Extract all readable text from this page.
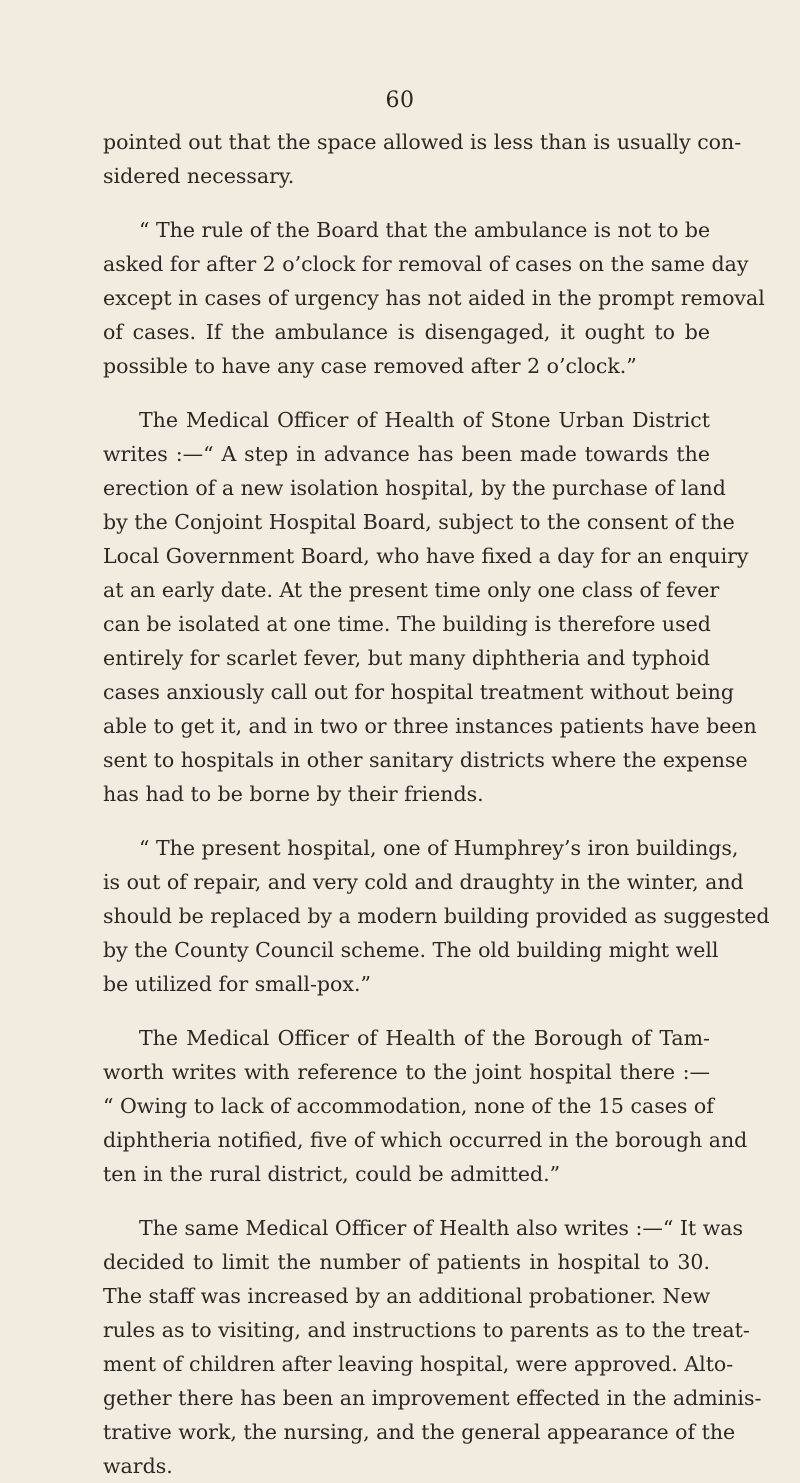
60
pointed out that the space allowed is less than is usually con-
sidered necessary.
“ The rule of the Board that the ambulance is not to be
asked for after 2 o’clock for removal of cases on the same day
except in cases of urgency has not aided in the prompt removal
of cases. If the ambulance is disengaged, it ought to be
possible to have any case removed after 2 o’clock.”
The Medical Officer of Health of Stone Urban District
writes :—“ A step in advance has been made towards the
erection of a new isolation hospital, by the purchase of land
by the Conjoint Hospital Board, subject to the consent of the
Local Government Board, who have fixed a day for an enquiry
at an early date. At the present time only one class of fever
can be isolated at one time. The building is therefore used
entirely for scarlet fever, but many diphtheria and typhoid
cases anxiously call out for hospital treatment without being
able to get it, and in two or three instances patients have been
sent to hospitals in other sanitary districts where the expense
has had to be borne by their friends.
“ The present hospital, one of Humphrey’s iron buildings,
is out of repair, and very cold and draughty in the winter, and
should be replaced by a modern building provided as suggested
by the County Council scheme. The old building might well
be utilized for small-pox.”
The Medical Officer of Health of the Borough of Tam-
worth writes with reference to the joint hospital there :—
“ Owing to lack of accommodation, none of the 15 cases of
diphtheria notified, five of which occurred in the borough and
ten in the rural district, could be admitted.”
The same Medical Officer of Health also writes :—“ It was
decided to limit the number of patients in hospital to 30.
The staff was increased by an additional probationer. New
rules as to visiting, and instructions to parents as to the treat-
ment of children after leaving hospital, were approved. Alto-
gether there has been an improvement effected in the adminis-
trative work, the nursing, and the general appearance of the
wards.
